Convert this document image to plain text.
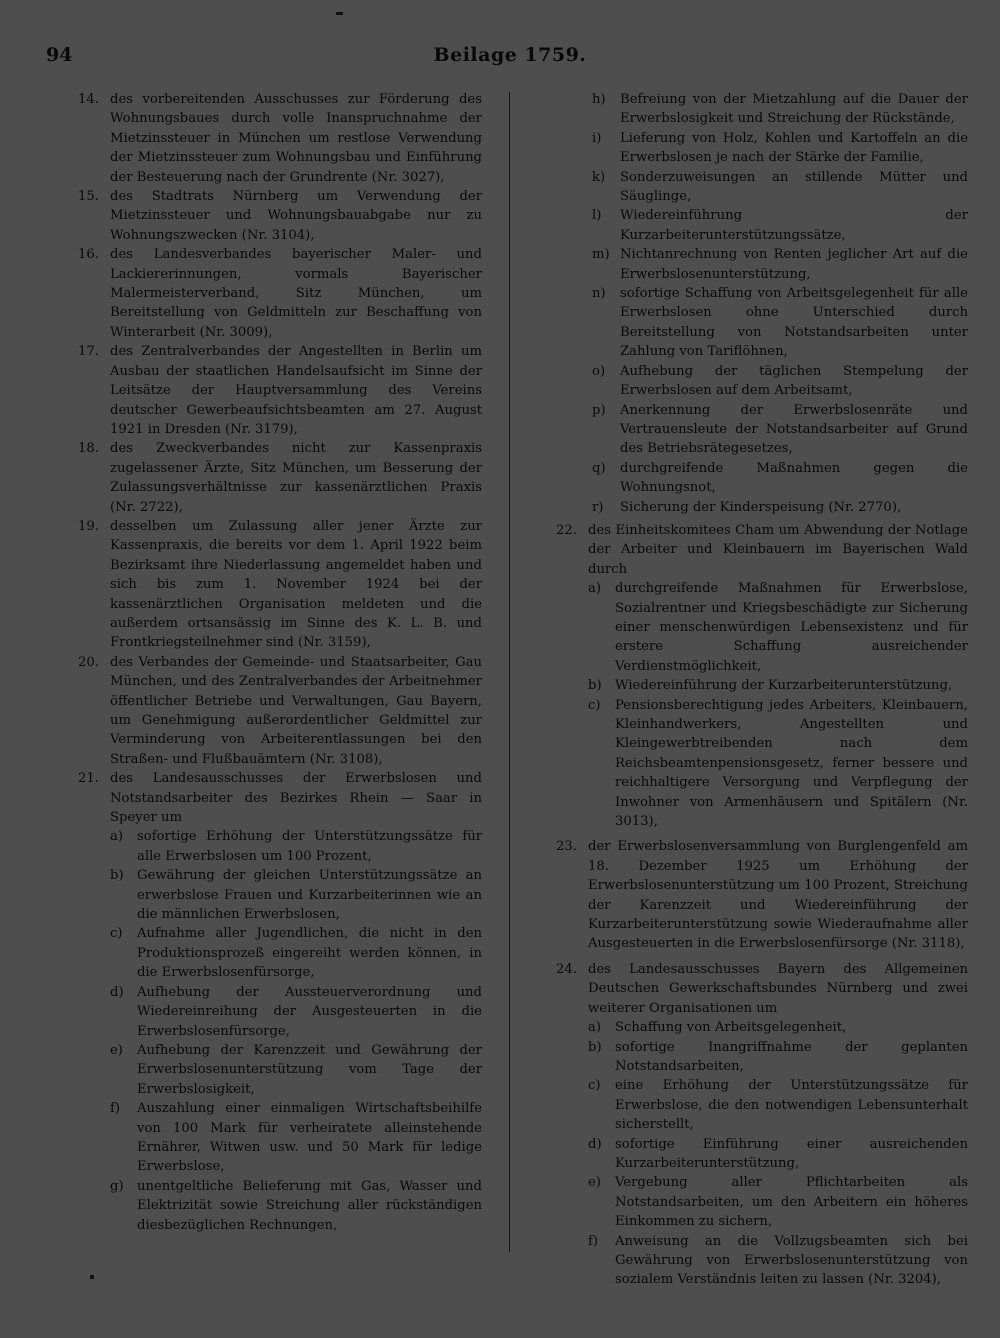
94	Beilage 1759.
14. des vorbereitenden Ausschusses zur Förderung des Wohnungsbaues durch volle Inanspruchnahme der Mietzinssteuer in München um restlose Verwendung der Mietzinssteuer zum Wohnungsbau und Einführung der Besteuerung nach der Grundrente (Nr. 3027),
15. des Stadtrats Nürnberg um Verwendung der Mietzinssteuer und Wohnungsbauabgabe nur zu Wohnungszwecken (Nr. 3104),
16. des Landesverbandes bayerischer Maler- und Lackiererinnungen, vormals Bayerischer Malermeisterverband, Sitz München, um Bereitstellung von Geldmitteln zur Beschaffung von Winterarbeit (Nr. 3009),
17. des Zentralverbandes der Angestellten in Berlin um Ausbau der staatlichen Handelsaufsicht im Sinne der Leitsätze der Hauptversammlung des Vereins deutscher Gewerbeaufsichtsbeamten am 27. August 1921 in Dresden (Nr. 3179),
18. des Zweckverbandes nicht zur Kassenpraxis zugelassener Ärzte, Sitz München, um Besserung der Zulassungsverhältnisse zur kassenärztlichen Praxis (Nr. 2722),
19. desselben um Zulassung aller jener Ärzte zur Kassenpraxis, die bereits vor dem 1. April 1922 beim Bezirksamt ihre Niederlassung angemeldet haben und sich bis zum 1. November 1924 bei der kassenärztlichen Organisation meldeten und die außerdem ortsansässig im Sinne des K. L. B. und Frontkriegsteilnehmer sind (Nr. 3159),
20. des Verbandes der Gemeinde- und Staatsarbeiter, Gau München, und des Zentralverbandes der Arbeitnehmer öffentlicher Betriebe und Verwaltungen, Gau Bayern, um Genehmigung außerordentlicher Geldmittel zur Verminderung von Arbeiterentlassungen bei den Straßen- und Flußbauämtern (Nr. 3108),
21. des Landesausschusses der Erwerbslosen und Notstandsarbeiter des Bezirkes Rhein — Saar in Speyer um
a) sofortige Erhöhung der Unterstützungssätze für alle Erwerbslosen um 100 Prozent,
b) Gewährung der gleichen Unterstützungssätze an erwerbslose Frauen und Kurzarbeiterinnen wie an die männlichen Erwerbslosen,
c) Aufnahme aller Jugendlichen, die nicht in den Produktionsprozeß eingereiht werden können, in die Erwerbslosenfürsorge,
d) Aufhebung der Aussteuerverordnung und Wiedereinreihung der Ausgesteuerten in die Erwerbslosenfürsorge,
e) Aufhebung der Karenzzeit und Gewährung der Erwerbslosenunterstützung vom Tage der Erwerbslosigkeit,
f) Auszahlung einer einmaligen Wirtschaftsbeihilfe von 100 Mark für verheiratete alleinstehende Ernährer, Witwen usw. und 50 Mark für ledige Erwerbslose,
g) unentgeltliche Belieferung mit Gas, Wasser und Elektrizität sowie Streichung aller rückständigen diesbezüglichen Rechnungen,
h) Befreiung von der Mietzahlung auf die Dauer der Erwerbslosigkeit und Streichung der Rückstände,
i) Lieferung von Holz, Kohlen und Kartoffeln an die Erwerbslosen je nach der Stärke der Familie,
k) Sonderzuweisungen an stillende Mütter und Säuglinge,
l) Wiedereinführung der Kurzarbeiterunterstützungssätze,
m) Nichtanrechnung von Renten jeglicher Art auf die Erwerbslosenunterstützung,
n) sofortige Schaffung von Arbeitsgelegenheit für alle Erwerbslosen ohne Unterschied durch Bereitstellung von Notstandsarbeiten unter Zahlung von Tariflöhnen,
o) Aufhebung der täglichen Stempelung der Erwerbslosen auf dem Arbeitsamt,
p) Anerkennung der Erwerbslosenräte und Vertrauensleute der Notstandsarbeiter auf Grund des Betriebsrätegesetzes,
q) durchgreifende Maßnahmen gegen die Wohnungsnot,
r) Sicherung der Kinderspeisung (Nr. 2770),
22. des Einheitskomitees Cham um Abwendung der Notlage der Arbeiter und Kleinbauern im Bayerischen Wald durch
a) durchgreifende Maßnahmen für Erwerbslose, Sozialrentner und Kriegsbeschädigte zur Sicherung einer menschenwürdigen Lebensexistenz und für erstere Schaffung ausreichender Verdienstmöglichkeit,
b) Wiedereinführung der Kurzarbeiterunterstützung,
c) Pensionsberechtigung jedes Arbeiters, Kleinbauern, Kleinhandwerkers, Angestellten und Kleingewerbtreibenden nach dem Reichsbeamtenpensionsgesetz, ferner bessere und reichhaltigere Versorgung und Verpflegung der Inwohner von Armenhäusern und Spitälern (Nr. 3013),
23. der Erwerbslosenversammlung von Burglengenfeld am 18. Dezember 1925 um Erhöhung der Erwerbslosenunterstützung um 100 Prozent, Streichung der Karenzzeit und Wiedereinführung der Kurzarbeiterunterstützung sowie Wiederaufnahme aller Ausgesteuerten in die Erwerbslosenfürsorge (Nr. 3118),
24. des Landesausschusses Bayern des Allgemeinen Deutschen Gewerkschaftsbundes Nürnberg und zwei weiterer Organisationen um
a) Schaffung von Arbeitsgelegenheit,
b) sofortige Inangriffnahme der geplanten Notstandsarbeiten,
c) eine Erhöhung der Unterstützungssätze für Erwerbslose, die den notwendigen Lebensunterhalt sicherstellt,
d) sofortige Einführung einer ausreichenden Kurzarbeiterunterstützung,
e) Vergebung aller Pflichtarbeiten als Notstandsarbeiten, um den Arbeitern ein höheres Einkommen zu sichern,
f) Anweisung an die Vollzugsbeamten sich bei Gewährung von Erwerbslosenunterstützung von sozialem Verständnis leiten zu lassen (Nr. 3204),
